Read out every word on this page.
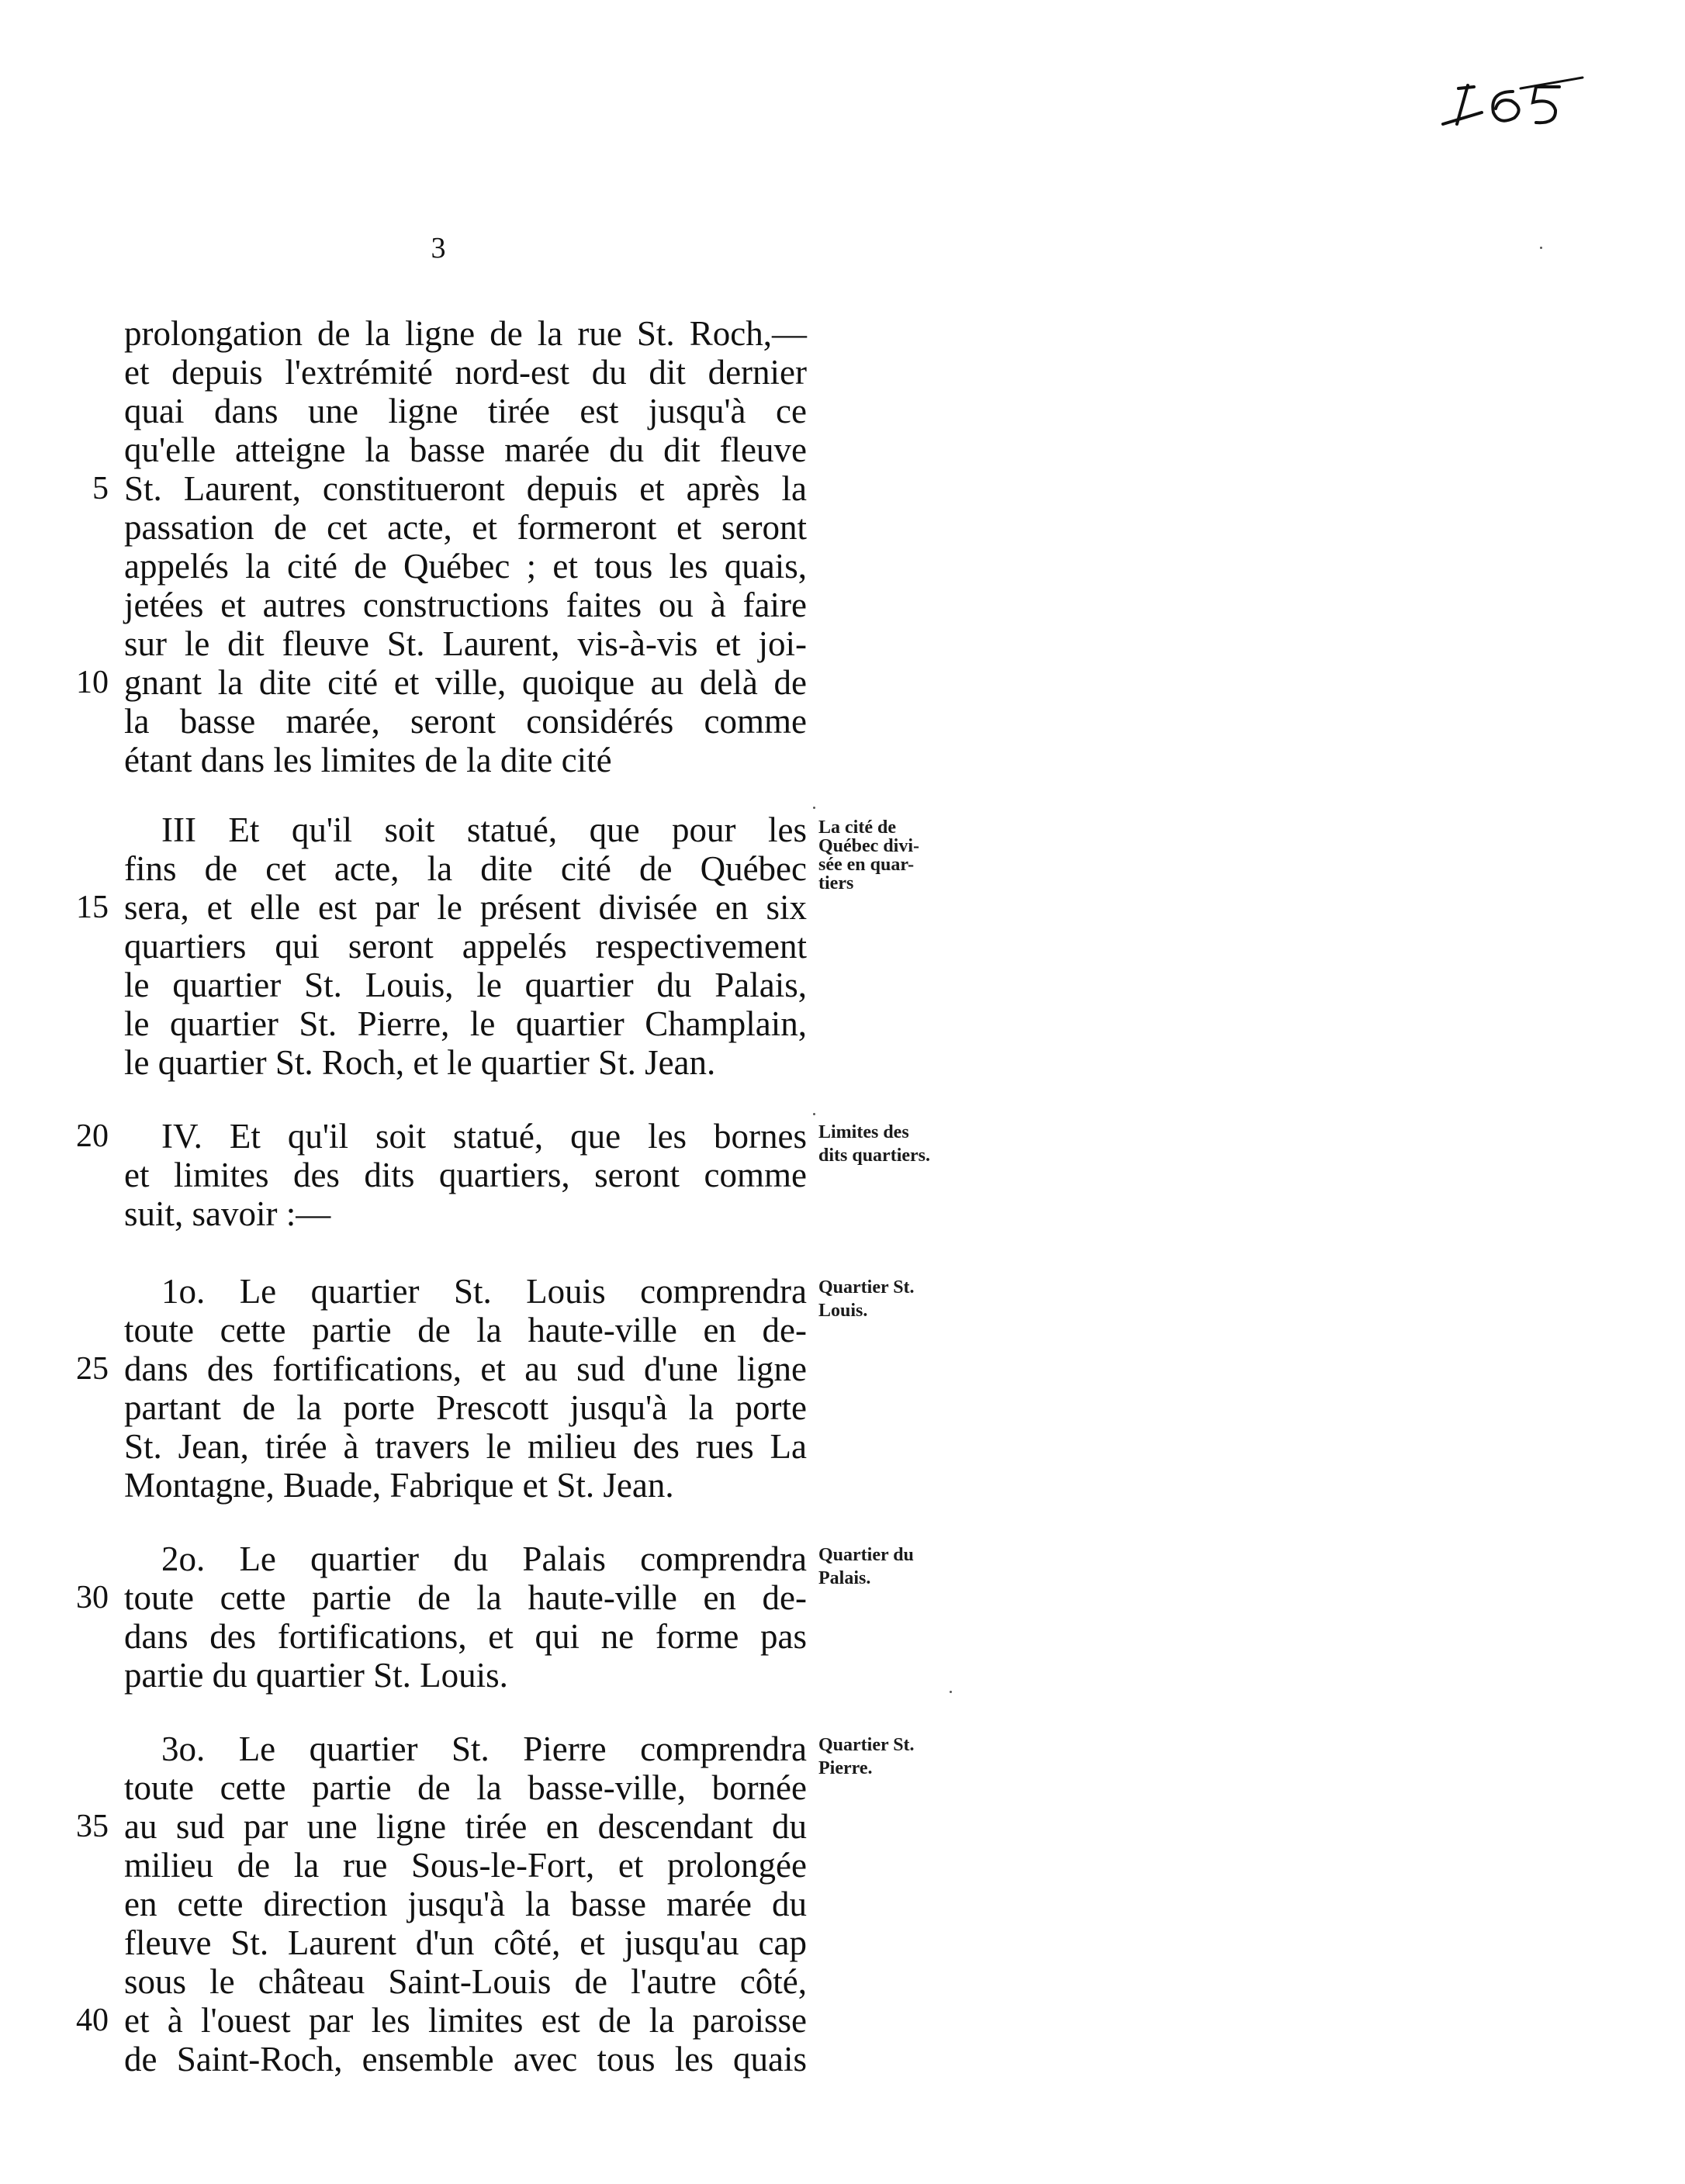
3
prolongation de la ligne de la rue St. Roch,—
et depuis l'extrémité nord-est du dit dernier
quai dans une ligne tirée est jusqu'à ce
qu'elle atteigne la basse marée du dit fleuve
St. Laurent, constitueront depuis et après la
passation de cet acte, et formeront et seront
appelés la cité de Québec ; et tous les quais,
jetées et autres constructions faites ou à faire
sur le dit fleuve St. Laurent, vis-à-vis et joi-
gnant la dite cité et ville, quoique au delà de
la basse marée, seront considérés comme
étant dans les limites de la dite cité
III Et qu'il soit statué, que pour les
fins de cet acte, la dite cité de Québec
sera, et elle est par le présent divisée en six
quartiers qui seront appelés respectivement
le quartier St. Louis, le quartier du Palais,
le quartier St. Pierre, le quartier Champlain,
le quartier St. Roch, et le quartier St. Jean.
IV. Et qu'il soit statué, que les bornes
et limites des dits quartiers, seront comme
suit, savoir :—
1o. Le quartier St. Louis comprendra
toute cette partie de la haute-ville en de-
dans des fortifications, et au sud d'une ligne
partant de la porte Prescott jusqu'à la porte
St. Jean, tirée à travers le milieu des rues La
Montagne, Buade, Fabrique et St. Jean.
2o. Le quartier du Palais comprendra
toute cette partie de la haute-ville en de-
dans des fortifications, et qui ne forme pas
partie du quartier St. Louis.
3o. Le quartier St. Pierre comprendra
toute cette partie de la basse-ville, bornée
au sud par une ligne tirée en descendant du
milieu de la rue Sous-le-Fort, et prolongée
en cette direction jusqu'à la basse marée du
fleuve St. Laurent d'un côté, et jusqu'au cap
sous le château Saint-Louis de l'autre côté,
et à l'ouest par les limites est de la paroisse
de Saint-Roch, ensemble avec tous les quais
5
10
15
20
25
30
35
40
La cité de
Québec divi-
sée en quar-
tiers
Limites des
dits quartiers.
Quartier St.
Louis.
Quartier du
Palais.
Quartier St.
Pierre.
